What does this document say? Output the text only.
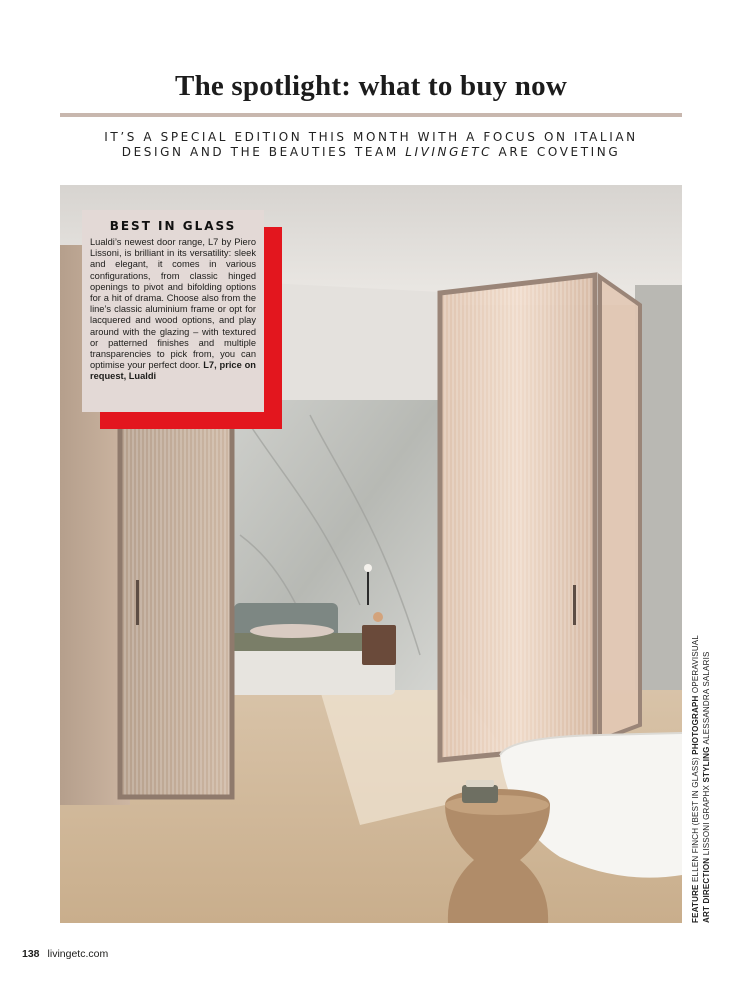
The spotlight: what to buy now
IT’S A SPECIAL EDITION THIS MONTH WITH A FOCUS ON ITALIAN
DESIGN AND THE BEAUTIES TEAM LIVINGETC ARE COVETING
BEST IN GLASS

Lualdi’s newest door range, L7 by Piero Lissoni, is brilliant in its versatility: sleek and elegant, it comes in various configurations, from classic hinged openings to pivot and bifolding options for a hit of drama. Choose also from the line’s classic aluminium frame or opt for lacquered and wood options, and play around with the glazing – with textured or patterned finishes and multiple transparencies to pick from, you can optimise your perfect door. L7, price on request, Lualdi

FEATURE ELLEN FINCH (BEST IN GLASS) PHOTOGRAPH OPERAVISUAL
ART DIRECTION LISSONI GRAPHX STYLING ALESSANDRA SALARIS
138 livingetc.com
